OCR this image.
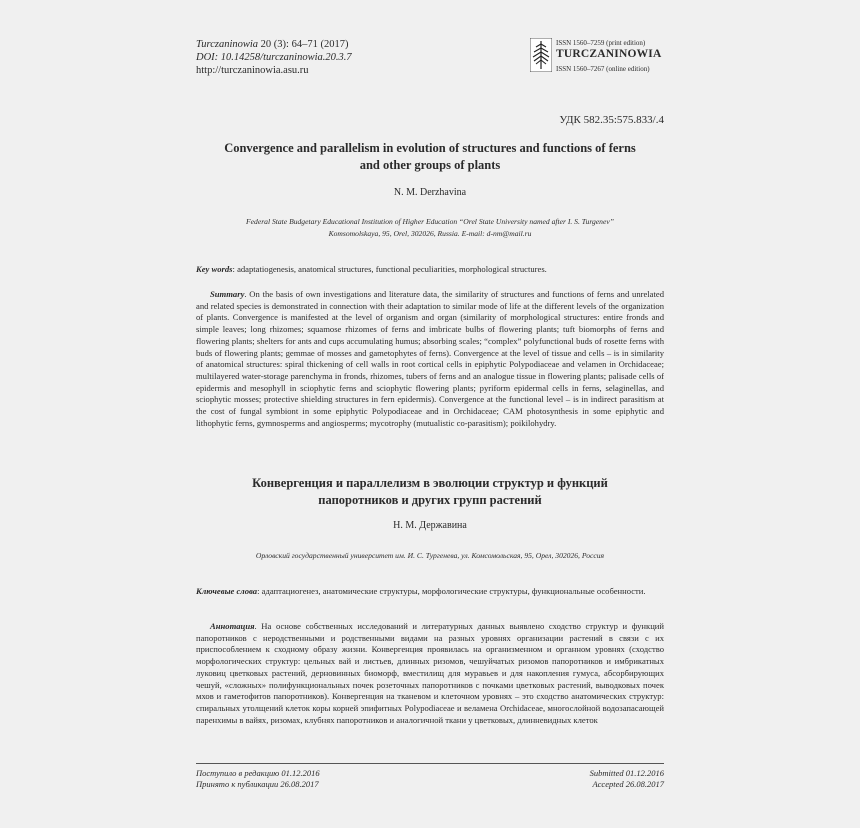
Turczaninowia 20 (3): 64–71 (2017)
DOI: 10.14258/turczaninowia.20.3.7
http://turczaninowia.asu.ru
ISSN 1560–7259 (print edition)
TURCZANINOWIA
ISSN 1560–7267 (online edition)
УДК 582.35:575.833/.4
Convergence and parallelism in evolution of structures and functions of ferns
and other groups of plants
N. M. Derzhavina
Federal State Budgetary Educational Institution of Higher Education “Orel State University named after I. S. Turgenev”
Komsomolskaya, 95, Orel, 302026, Russia. E-mail: d-nm@mail.ru
Key words: adaptatiogenesis, anatomical structures, functional peculiarities, morphological structures.
Summary. On the basis of own investigations and literature data, the similarity of structures and functions of ferns and unrelated and related species is demonstrated in connection with their adaptation to similar mode of life at the different levels of the organization of plants. Convergence is manifested at the level of organism and organ (similarity of morphological structures: entire fronds and simple leaves; long rhizomes; squamose rhizomes of ferns and imbricate bulbs of flowering plants; tuft biomorphs of ferns and flowering plants; shelters for ants and cups accumulating humus; absorbing scales; “complex” polyfunctional buds of rosette ferns with buds of flowering plants; gemmae of mosses and gametophytes of ferns). Convergence at the level of tissue and cells – is in similarity of anatomical structures: spiral thickening of cell walls in root cortical cells in epiphytic Polypodiaceae and velamen in Orchidaceae; multilayered water-storage parenchyma in fronds, rhizomes, tubers of ferns and an analogue tissue in flowering plants; palisade cells of epidermis and mesophyll in sciophytic ferns and sciophytic flowering plants; pyriform epidermal cells in ferns, selaginellas, and sciophytic mosses; protective shielding structures in fern epidermis). Convergence at the functional level – is in indirect parasitism at the cost of fungal symbiont in some epiphytic Polypodiaceae and in Orchidaceae; CAM photosynthesis in some epiphytic and lithophytic ferns, gymnosperms and angiosperms; mycotrophy (mutualistic co-parasitism); poikilohydry.
Конвергенция и параллелизм в эволюции структур и функций
папоротников и других групп растений
Н. М. Державина
Орловский государственный университет им. И. С. Тургенева, ул. Комсомольская, 95, Орел, 302026, Россия
Ключевые слова: адаптациогенез, анатомические структуры, морфологические структуры, функциональные особенности.
Аннотация. На основе собственных исследований и литературных данных выявлено сходство структур и функций папоротников с неродственными и родственными видами на разных уровнях организации растений в связи с их приспособлением к сходному образу жизни. Конвергенция проявилась на организменном и органном уровнях (сходство морфологических структур: цельных вай и листьев, длинных ризомов, чешуйчатых ризомов папоротников и имбрикатных луковиц цветковых растений, дерновинных биоморф, вместилищ для муравьев и для накопления гумуса, абсорбирующих чешуй, «сложных» полифункциональных почек розеточных папоротников с почками цветковых растений, выводковых почек мхов и гаметофитов папоротников). Конвергенция на тканевом и клеточном уровнях – это сходство анатомических структур: спиральных утолщений клеток коры корней эпифитных Polypodiaceae и веламена Orchidaceae, многослойной водозапасающей паренхимы в вайях, ризомах, клубнях папоротников и аналогичной ткани у цветковых, длинневидных клеток
Поступило в редакцию 01.12.2016
Принято к публикации 26.08.2017
Submitted 01.12.2016
Accepted 26.08.2017
